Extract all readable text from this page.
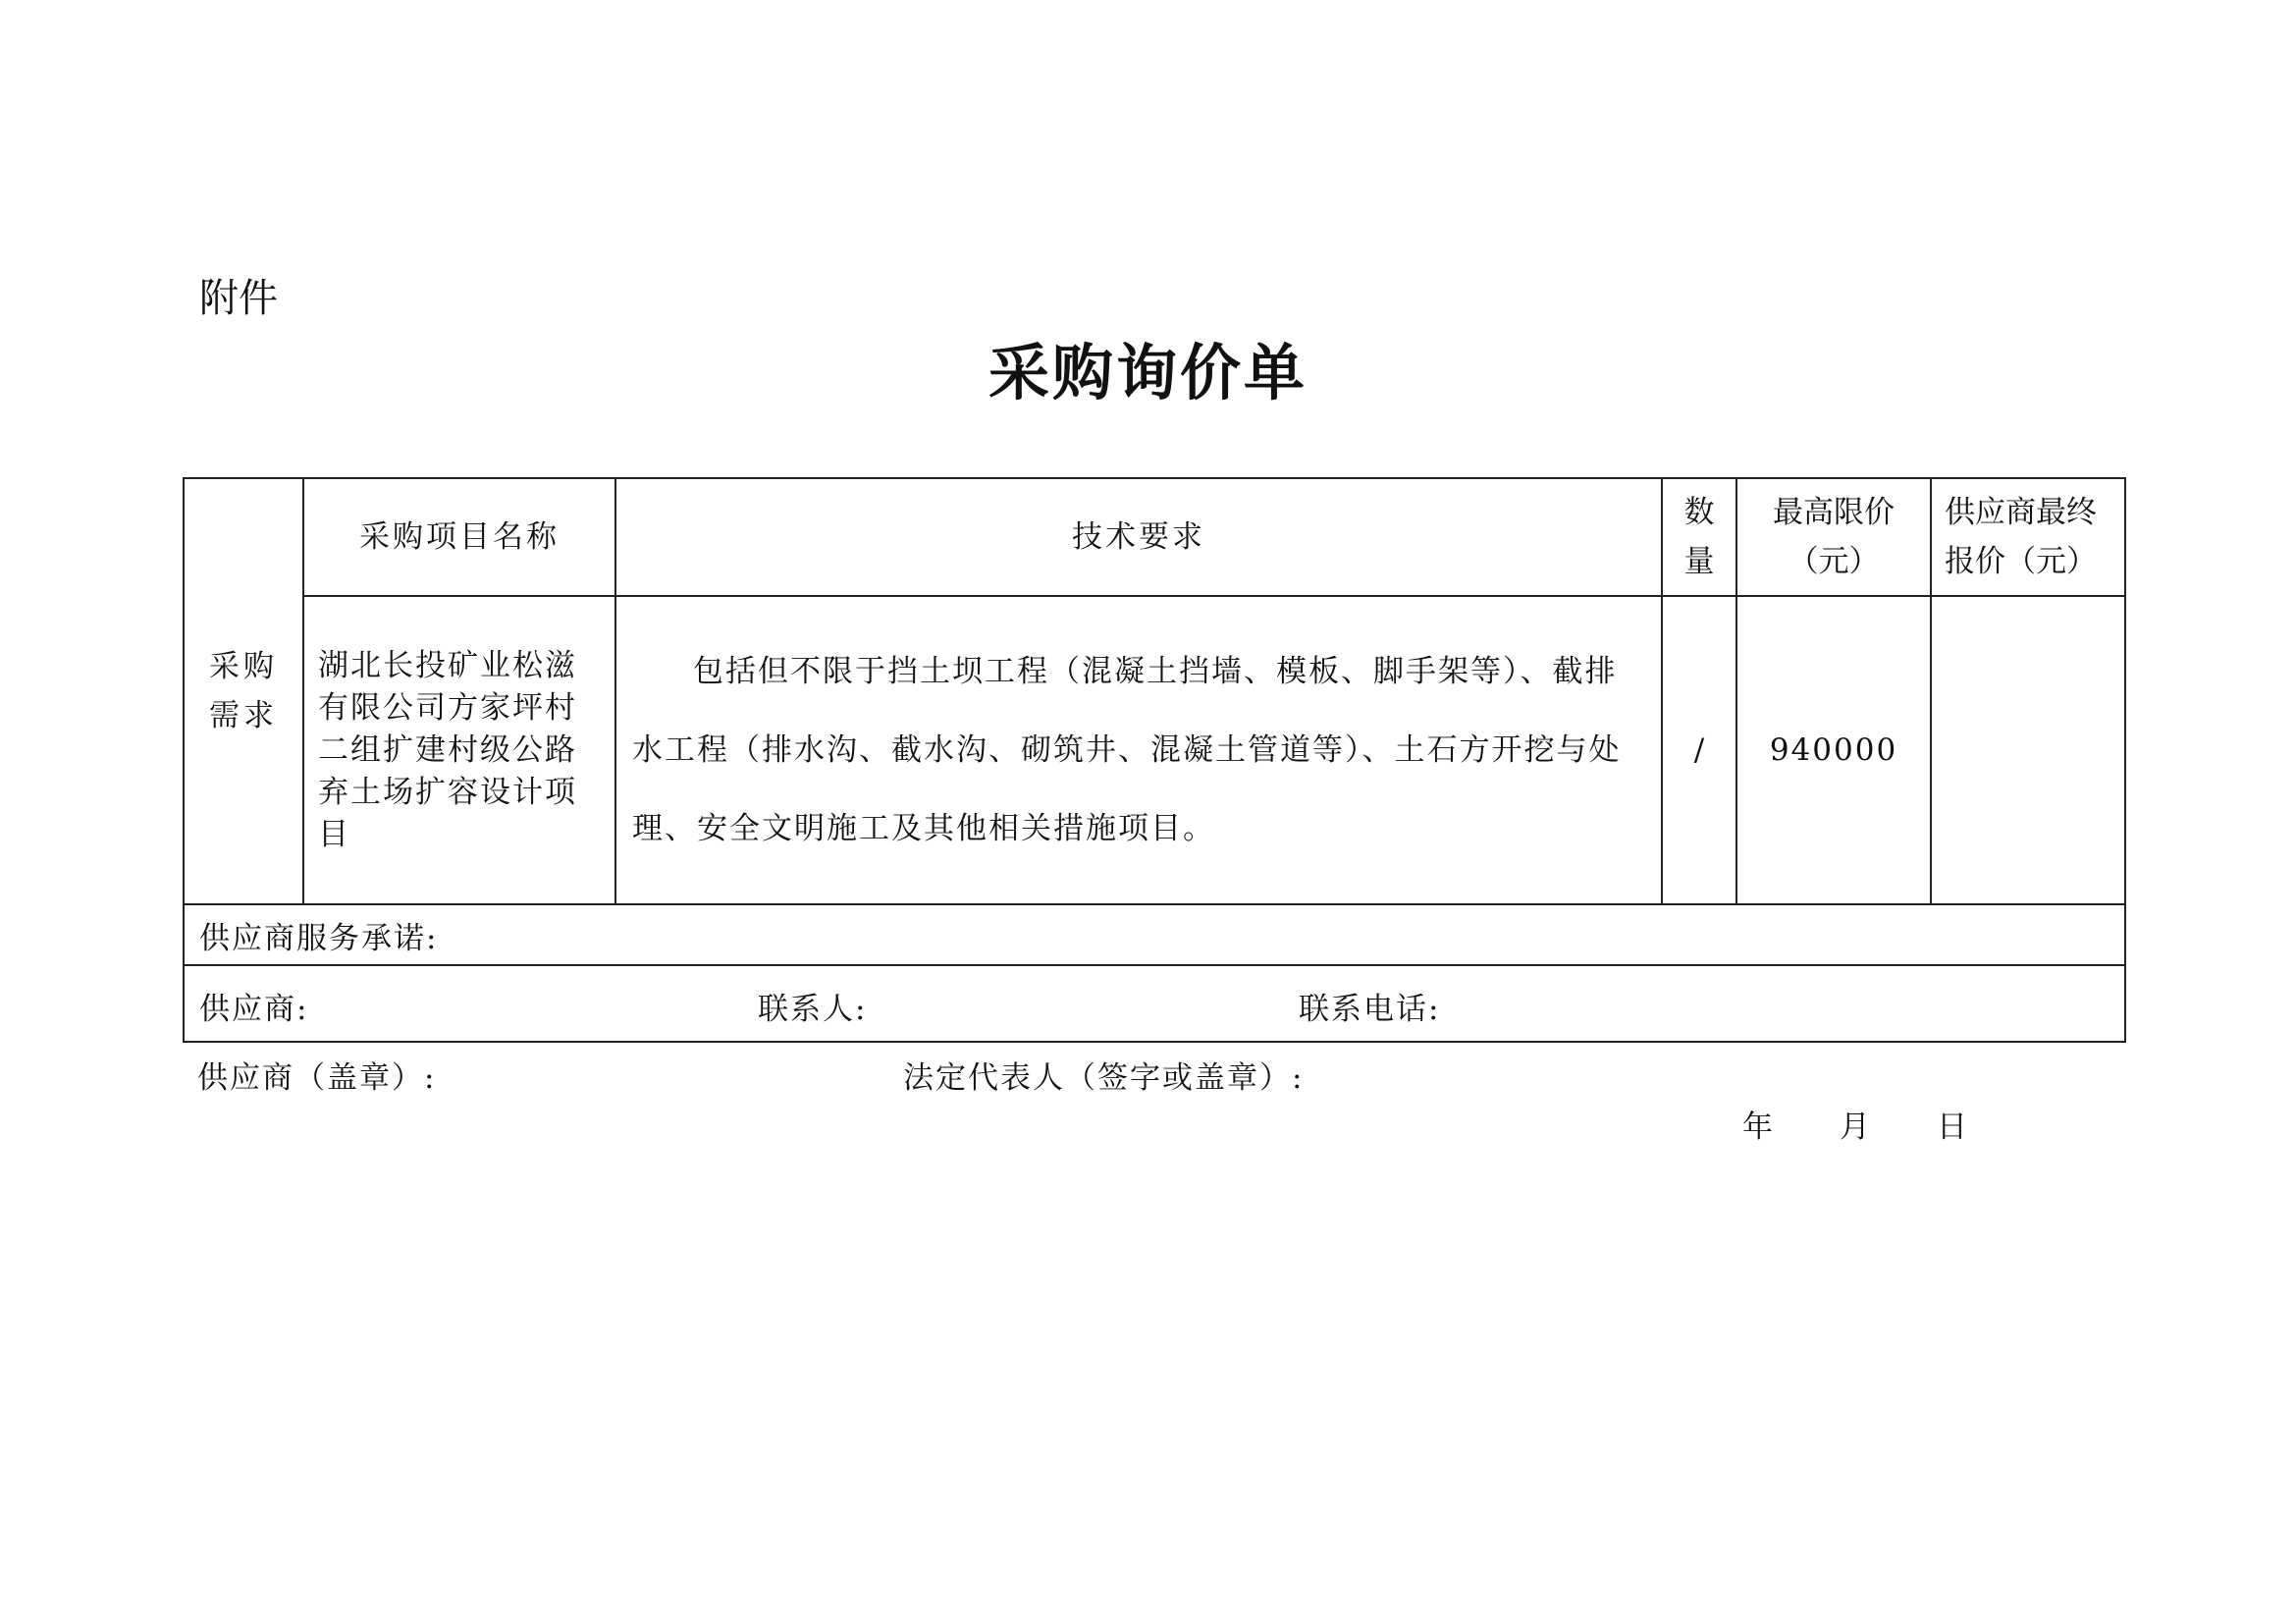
附件
采购询价单
采购需求	采购项目名称	技术要求	数量	最高限价（元）	供应商最终报价（元）

	湖北长投矿业松滋有限公司方家坪村二组扩建村级公路弃土场扩容设计项目	包括但不限于挡土坝工程（混凝土挡墙、模板、脚手架等）、截排水工程（排水沟、截水沟、砌筑井、混凝土管道等）、土石方开挖与处理、安全文明施工及其他相关措施项目。	/	940000	
供应商服务承诺:					

供应商: 联系人: 联系电话:					
供应商（盖章）:	法定代表人（签字或盖章）:
年 月 日
